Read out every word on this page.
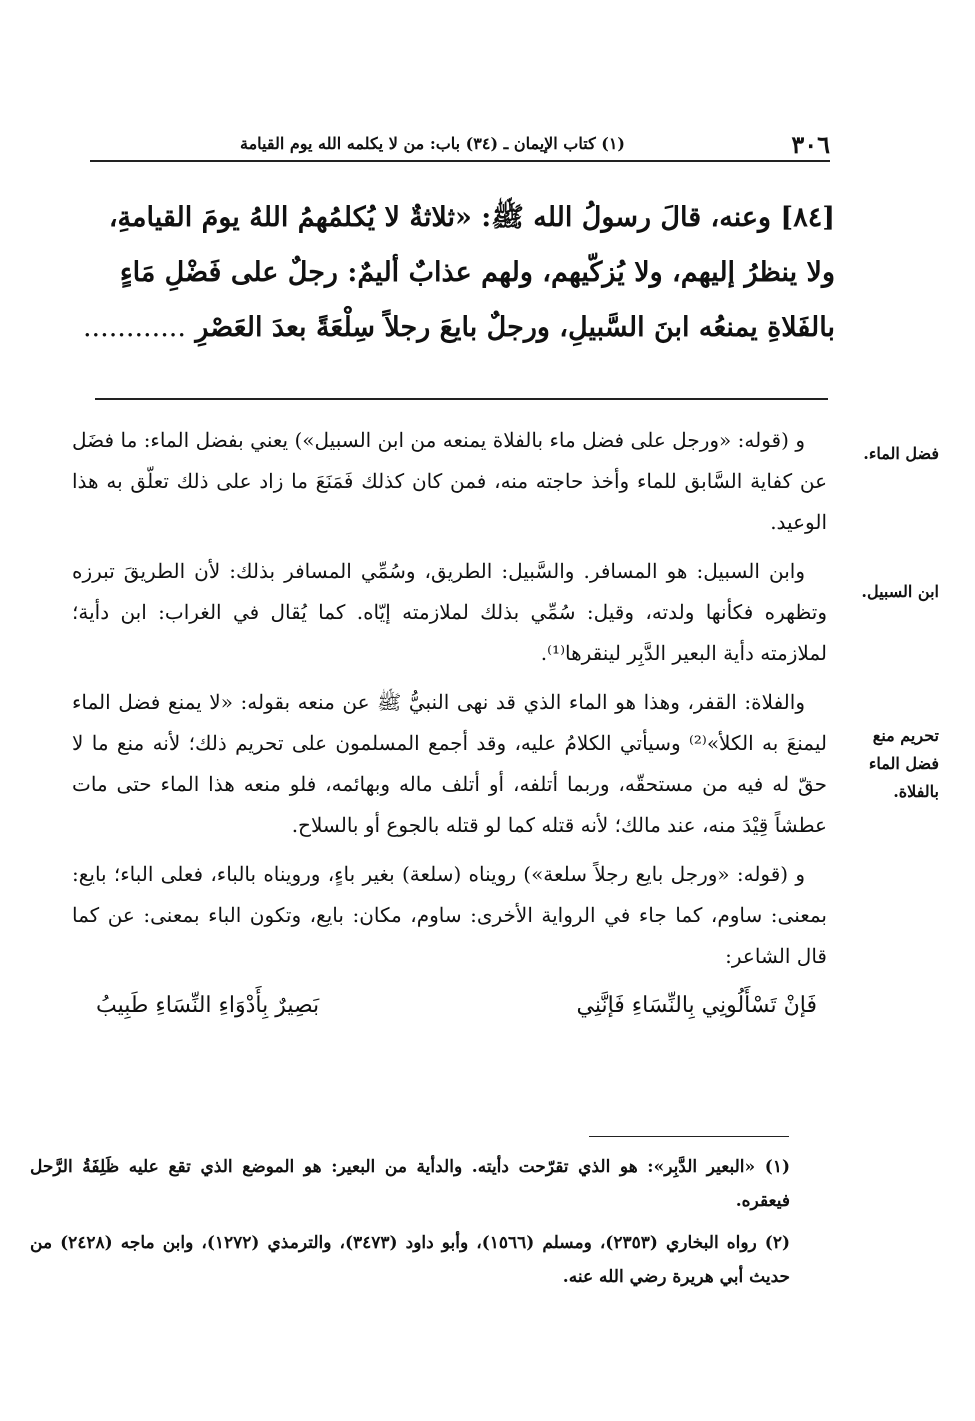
٣٠٦
(١) كتاب الإيمان ـ (٣٤) باب: من لا يكلمه الله يوم القيامة

[٨٤] وعنه، قالَ رسولُ الله ﷺ: «ثلاثةٌ لا يُكلمُهمُ اللهُ يومَ القيامةِ،

ولا ينظرُ إليهم، ولا يُزكّيهم، ولهم عذابٌ أليمٌ: رجلٌ على فَضْلِ مَاءٍ

بالفَلاةِ يمنعُه ابنَ السَّبيلِ، ورجلٌ بايعَ رجلاً سِلْعَةً بعدَ العَصْرِ ............

فضل الماء.
ابن السبيل.
تحريم منع فضل الماء بالفلاة.

و (قوله: «ورجل على فضل ماء بالفلاة يمنعه من ابن السبيل») يعني بفضل الماء: ما فضَل عن كفاية السَّابق للماء وأخذ حاجته منه، فمن كان كذلك فَمَنَعَ ما زاد على ذلك تعلّق به هذا الوعيد.

وابن السبيل: هو المسافر. والسَّبيل: الطريق، وسُمِّي المسافر بذلك: لأن الطريقَ تبرزه وتظهره فكأنها ولدته، وقيل: سُمِّي بذلك لملازمته إيّاه. كما يُقال في الغراب: ابن دأية؛ لملازمته دأية البعير الدَّبِر لينقرها⁽¹⁾.

والفلاة: القفر، وهذا هو الماء الذي قد نهى النبيُّ ﷺ عن منعه بقوله: «لا يمنع فضل الماء ليمنعَ به الكلأ»⁽²⁾ وسيأتي الكلامُ عليه، وقد أجمع المسلمون على تحريم ذلك؛ لأنه منع ما لا حقّ له فيه من مستحقّه، وربما أتلفه، أو أتلف ماله وبهائمه، فلو منعه هذا الماء حتى مات عطشاً قِيْدَ منه، عند مالك؛ لأنه قتله كما لو قتله بالجوع أو بالسلاح.

و (قوله: «ورجل بايع رجلاً سلعة») رويناه (سلعة) بغير باءٍ، ورويناه بالباء، فعلى الباء؛ بايع: بمعنى: ساوم، كما جاء في الرواية الأخرى: ساوم، مكان: بايع، وتكون الباء بمعنى: عن كما قال الشاعر:

فَإنْ تَسْأَلُونِي بِالنِّسَاءِ فَإنَّنِي
بَصِيرٌ بِأَدْوَاءِ النِّسَاءِ طَبِيبُ

(١) «البعير الدَّبِر»: هو الذي تقرّحت دأيته. والدأية من البعير: هو الموضع الذي تقع عليه ظَلِفَةُ الرَّحل فيعقره.

(٢) رواه البخاري (٢٣٥٣)، ومسلم (١٥٦٦)، وأبو داود (٣٤٧٣)، والترمذي (١٢٧٢)، وابن ماجه (٢٤٢٨) من حديث أبي هريرة رضي الله عنه.
